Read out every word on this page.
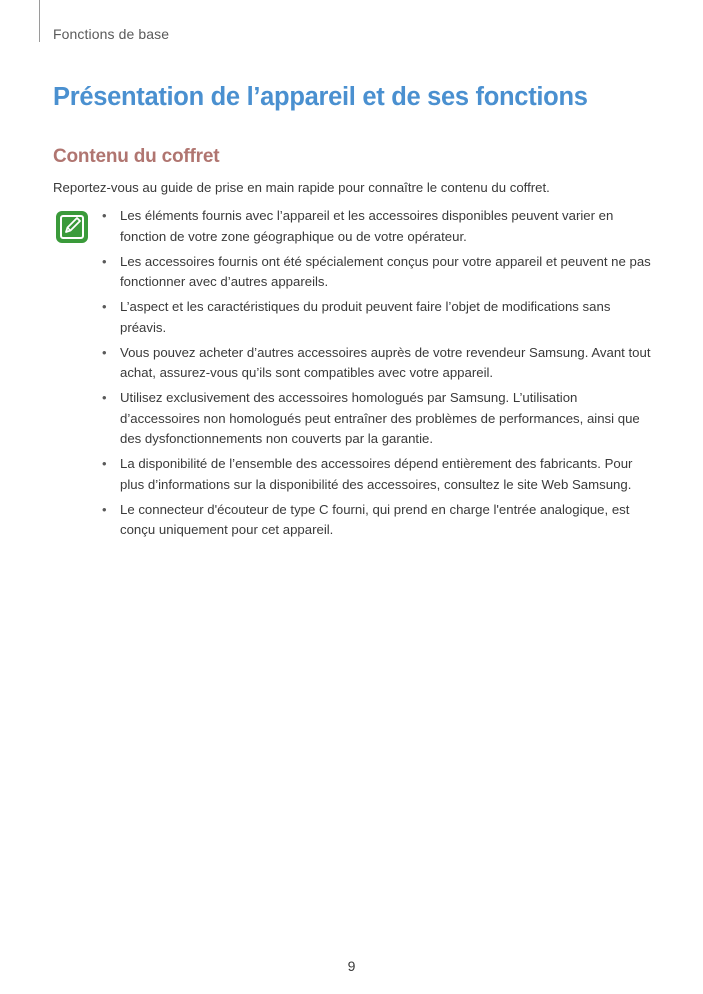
Fonctions de base
Présentation de l’appareil et de ses fonctions
Contenu du coffret
Reportez-vous au guide de prise en main rapide pour connaître le contenu du coffret.
• Les éléments fournis avec l’appareil et les accessoires disponibles peuvent varier en fonction de votre zone géographique ou de votre opérateur.
• Les accessoires fournis ont été spécialement conçus pour votre appareil et peuvent ne pas fonctionner avec d’autres appareils.
• L’aspect et les caractéristiques du produit peuvent faire l’objet de modifications sans préavis.
• Vous pouvez acheter d’autres accessoires auprès de votre revendeur Samsung. Avant tout achat, assurez-vous qu’ils sont compatibles avec votre appareil.
• Utilisez exclusivement des accessoires homologués par Samsung. L’utilisation d’accessoires non homologués peut entraîner des problèmes de performances, ainsi que des dysfonctionnements non couverts par la garantie.
• La disponibilité de l’ensemble des accessoires dépend entièrement des fabricants. Pour plus d’informations sur la disponibilité des accessoires, consultez le site Web Samsung.
• Le connecteur d'écouteur de type C fourni, qui prend en charge l'entrée analogique, est conçu uniquement pour cet appareil.
9
